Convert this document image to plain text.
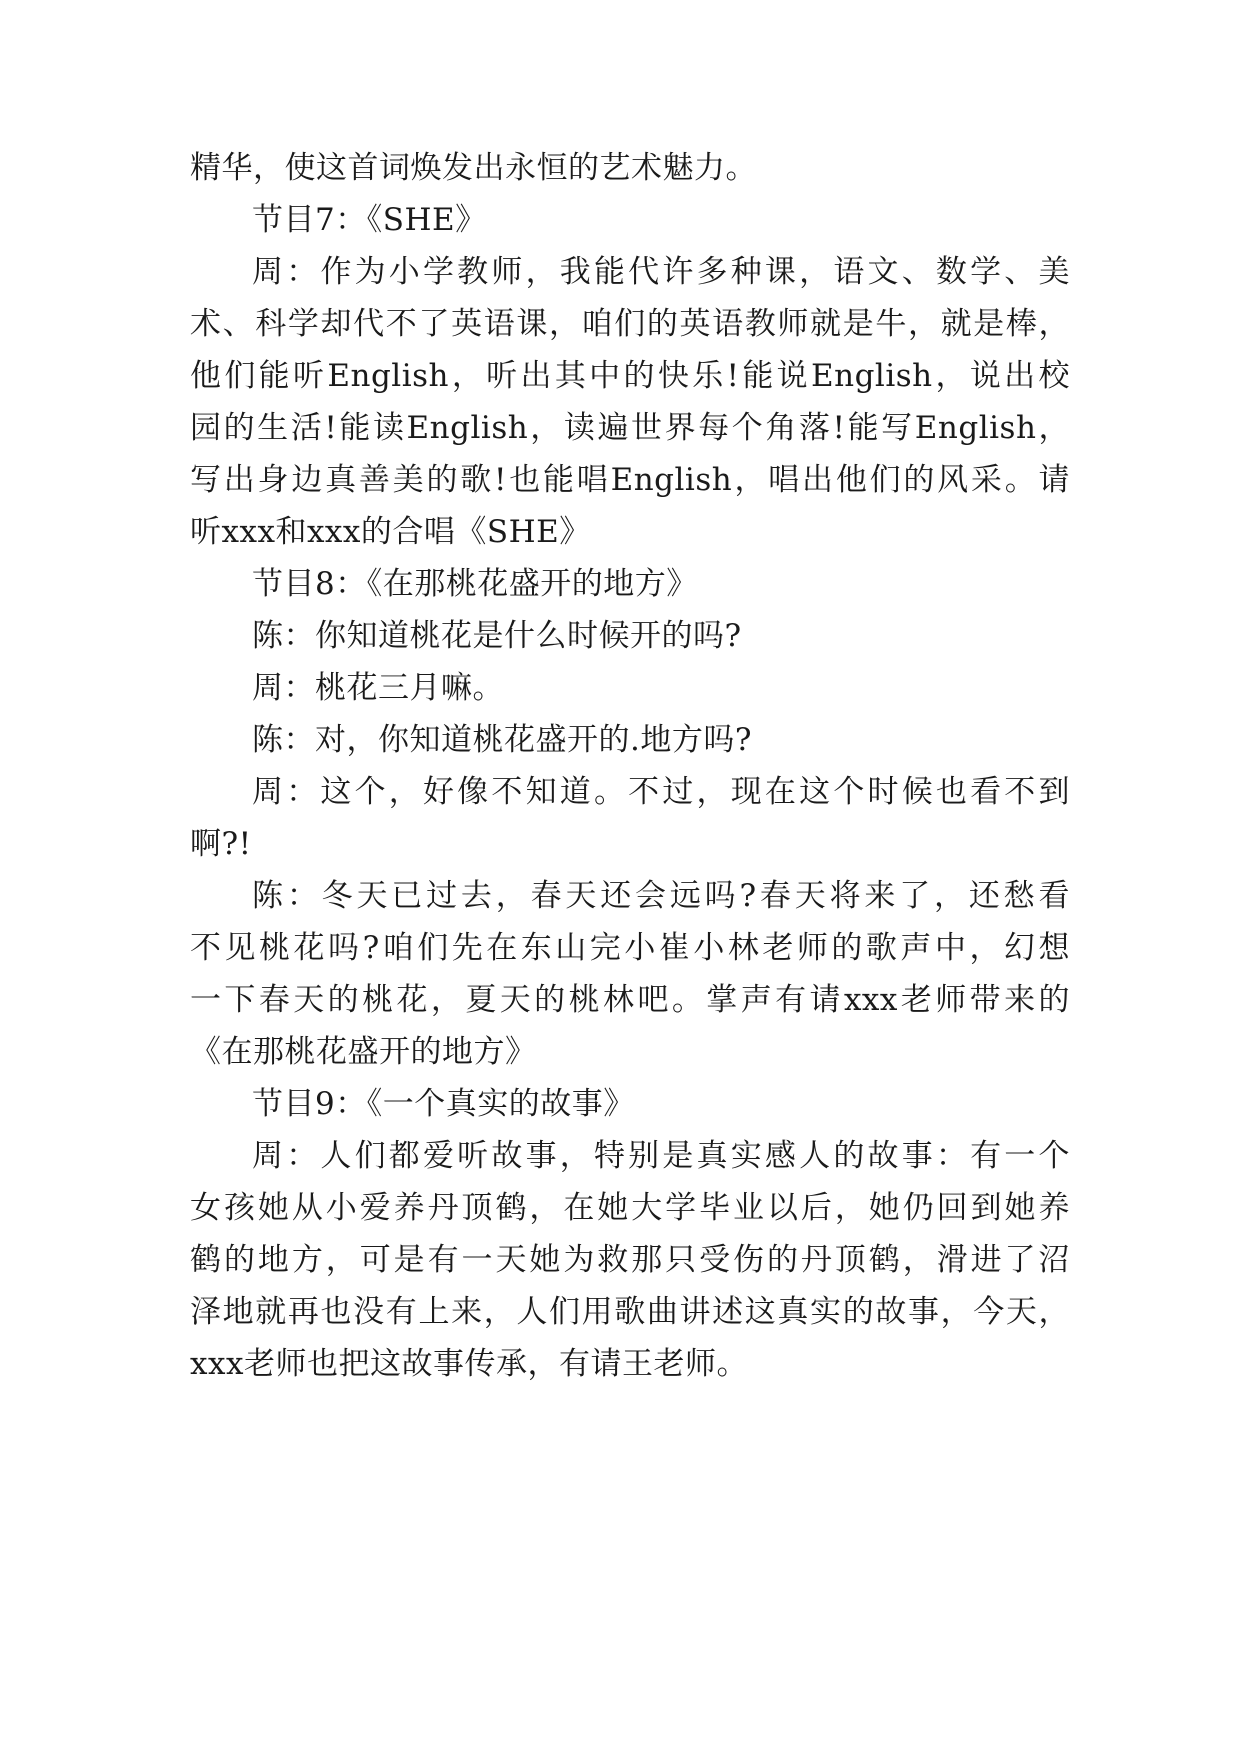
精华，使这首词焕发出永恒的艺术魅力。

节目7：《SHE》

周：作为小学教师，我能代许多种课，语文、数学、美

术、科学却代不了英语课，咱们的英语教师就是牛，就是棒，

他们能听English，听出其中的快乐!能说English，说出校

园的生活!能读English，读遍世界每个角落!能写English，

写出身边真善美的歌!也能唱English，唱出他们的风采。请

听xxx和xxx的合唱《SHE》

节目8：《在那桃花盛开的地方》

陈：你知道桃花是什么时候开的吗?

周：桃花三月嘛。

陈：对，你知道桃花盛开的.地方吗?

周：这个，好像不知道。不过，现在这个时候也看不到

啊?!

陈：冬天已过去，春天还会远吗?春天将来了，还愁看

不见桃花吗?咱们先在东山完小崔小林老师的歌声中，幻想

一下春天的桃花，夏天的桃林吧。掌声有请xxx老师带来的

《在那桃花盛开的地方》

节目9：《一个真实的故事》

周：人们都爱听故事，特别是真实感人的故事：有一个

女孩她从小爱养丹顶鹤，在她大学毕业以后，她仍回到她养

鹤的地方，可是有一天她为救那只受伤的丹顶鹤，滑进了沼

泽地就再也没有上来，人们用歌曲讲述这真实的故事，今天，

xxx老师也把这故事传承，有请王老师。
